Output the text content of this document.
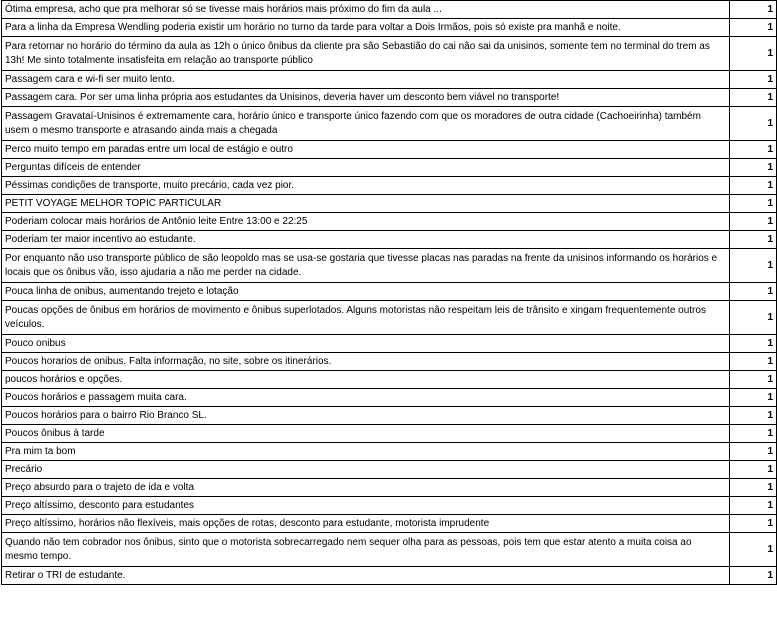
Ótima empresa, acho que pra melhorar só se tivesse mais horários mais próximo do fim da aula ...	1
Para a linha da Empresa Wendling poderia existir um horário no turno da tarde para voltar a Dois Irmãos, pois só existe pra manhã e noite.	1
Para retornar no horário do término da aula as 12h o único ônibus da cliente pra são Sebastião do cai não sai da unisinos, somente tem no terminal do trem as 13h! Me sinto totalmente insatisfeita em relação ao transporte público	1
Passagem cara e wi-fi ser muito lento.	1
Passagem cara. Por ser uma linha própria aos estudantes da Unisinos, deveria haver um desconto bem viável no transporte!	1
Passagem Gravataí-Unisinos é extremamente cara, horário único e transporte único fazendo com que os moradores de outra cidade (Cachoeirinha) também usem o mesmo transporte e atrasando ainda mais a chegada	1
Perco muito tempo em paradas entre um local de estágio e outro	1
Perguntas difíceis de entender	1
Péssimas condições de transporte, muito precário, cada vez pior.	1
PETIT VOYAGE MELHOR TOPIC PARTICULAR	1
Poderiam colocar mais horários de Antônio leite Entre 13:00 e 22:25	1
Poderiam ter maior incentivo ao estudante.	1
Por enquanto não uso transporte público de são leopoldo mas se usa-se gostaria que tivesse placas nas paradas na frente da unisinos informando os horários e locais que os ônibus vão, isso ajudaria a não me perder na cidade.	1
Pouca linha de onibus, aumentando trejeto e lotação	1
Poucas opções de ônibus em horários de movimento e ônibus superlotados. Alguns motoristas não respeitam leis de trânsito e xingam frequentemente outros veículos.	1
Pouco onibus	1
Poucos horarios de onibus. Falta informação, no site, sobre os itinerários.	1
poucos horários e opções.	1
Poucos horários e passagem muita cara.	1
Poucos horários para o bairro Rio Branco SL.	1
Poucos ônibus à tarde	1
Pra mim ta bom	1
Precário	1
Preço absurdo para o trajeto de ida e volta	1
Preço altíssimo, desconto para estudantes	1
Preço altíssimo, horários não flexíveis, mais opções de rotas, desconto para estudante, motorista imprudente	1
Quando não tem cobrador nos ônibus, sinto que o motorista sobrecarregado nem sequer olha para as pessoas, pois tem que estar atento a muita coisa ao mesmo tempo.	1
Retirar o TRI de estudante.	1
